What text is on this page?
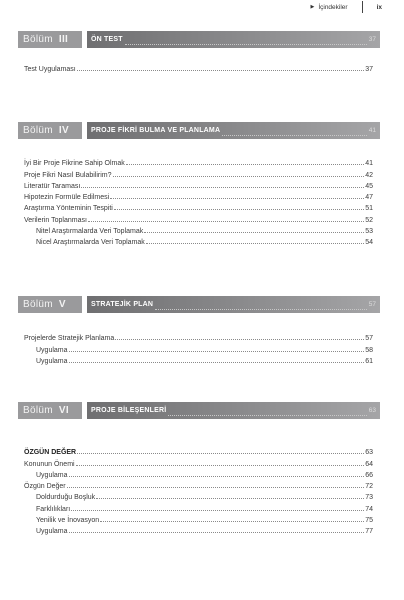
▶ İçindekiler	ix
Bölüm III	ÖN TEST	37
Test Uygulaması	37
Bölüm IV	PROJE FİKRİ BULMA VE PLANLAMA	41
İyi Bir Proje Fikrine Sahip Olmak	41
Proje Fikri Nasıl Bulabilirim?	42
Literatür Taraması	45
Hipotezin Formüle Edilmesi	47
Araştırma Yönteminin Tespiti	51
Verilerin Toplanması	52
Nitel Araştırmalarda Veri Toplamak	53
Nicel Araştırmalarda Veri Toplamak	54
Bölüm V	STRATEJİK PLAN	57
Projelerde Stratejik Planlama	57
Uygulama	58
Uygulama	61
Bölüm VI	PROJE BİLEŞENLERİ	63
ÖZGÜN DEĞER	63
Konunun Önemi	64
Uygulama	66
Özgün Değer	72
Doldurduğu Boşluk	73
Farklılıkları	74
Yenilik ve İnovasyon	75
Uygulama	77
